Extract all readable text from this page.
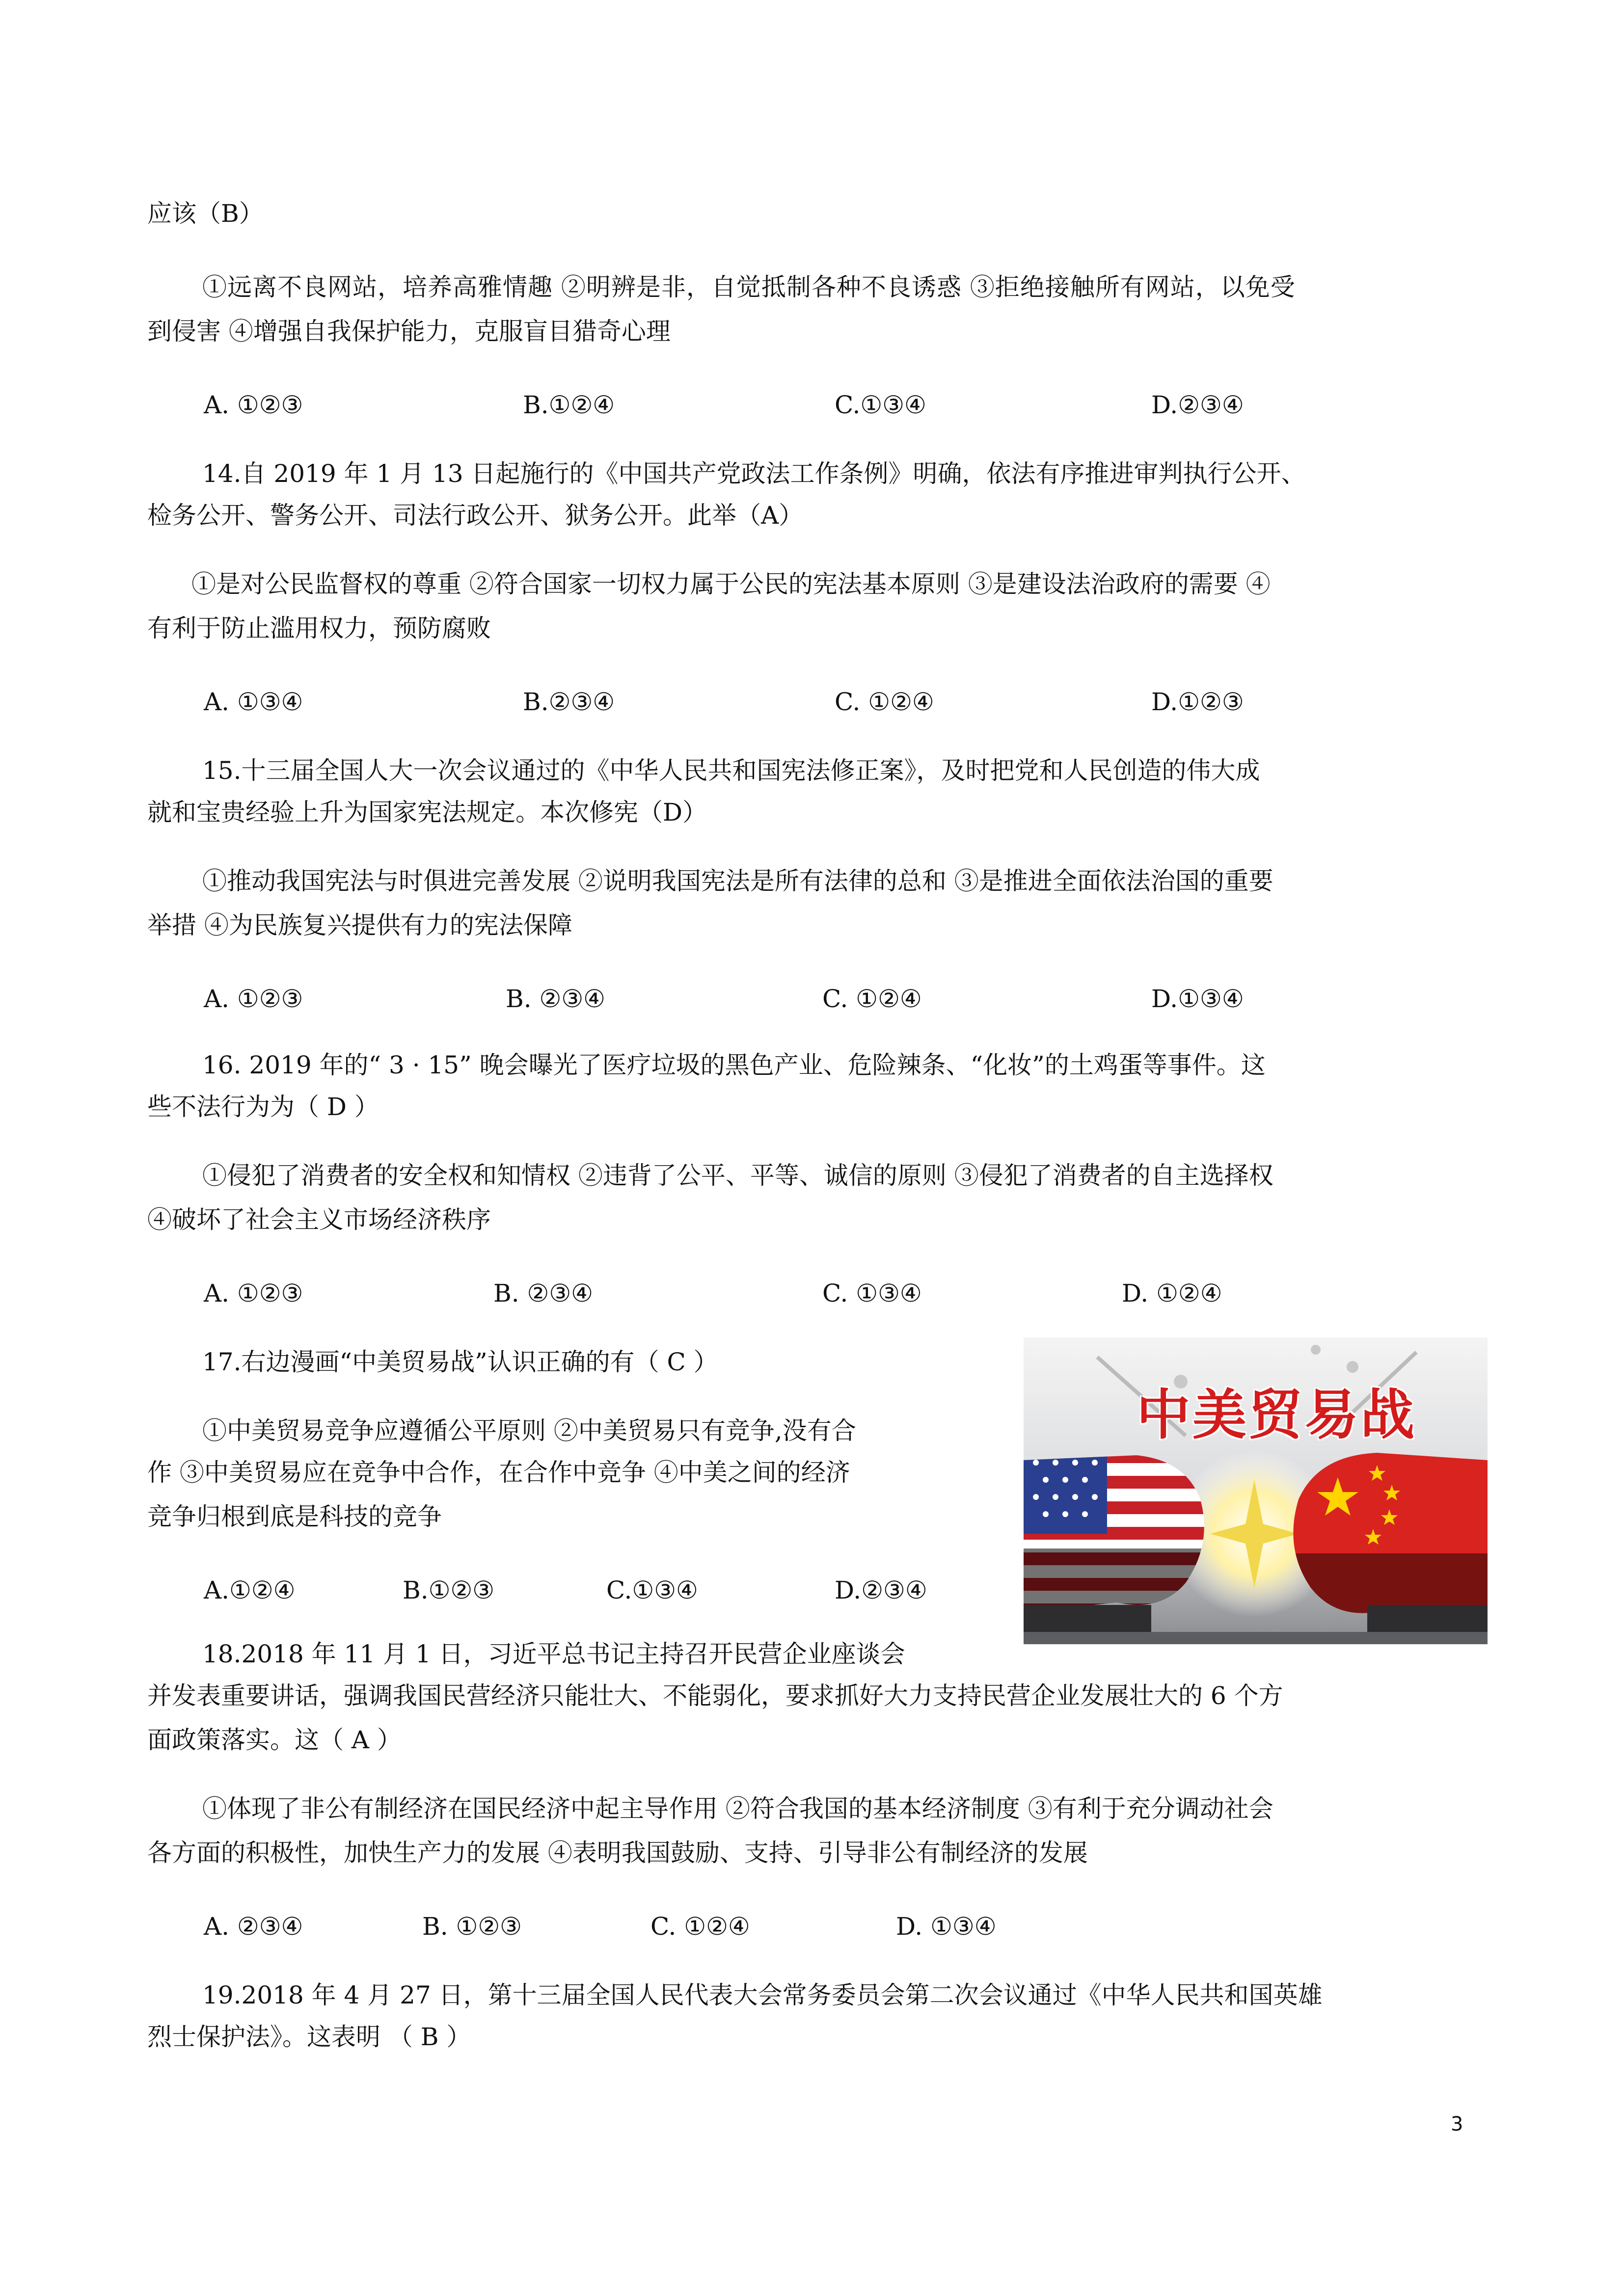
应该（B）
①远离不良网站，培养高雅情趣 ②明辨是非，自觉抵制各种不良诱惑 ③拒绝接触所有网站，以免受
到侵害 ④增强自我保护能力，克服盲目猎奇心理
A. ①②③	B.①②④	C.①③④	D.②③④
14.自 2019 年 1 月 13 日起施行的《中国共产党政法工作条例》明确，依法有序推进审判执行公开、
检务公开、警务公开、司法行政公开、狱务公开。此举（A）
①是对公民监督权的尊重 ②符合国家一切权力属于公民的宪法基本原则 ③是建设法治政府的需要 ④
有利于防止滥用权力，预防腐败
A. ①③④	B.②③④	C. ①②④	D.①②③
15.十三届全国人大一次会议通过的《中华人民共和国宪法修正案》，及时把党和人民创造的伟大成
就和宝贵经验上升为国家宪法规定。本次修宪（D）
①推动我国宪法与时俱进完善发展 ②说明我国宪法是所有法律的总和 ③是推进全面依法治国的重要
举措 ④为民族复兴提供有力的宪法保障
A. ①②③	B. ②③④	C. ①②④	D.①③④
16. 2019 年的“ 3 · 15” 晚会曝光了医疗垃圾的黑色产业、危险辣条、“化妆”的土鸡蛋等事件。这
些不法行为为（ D ）
①侵犯了消费者的安全权和知情权 ②违背了公平、平等、诚信的原则 ③侵犯了消费者的自主选择权
④破坏了社会主义市场经济秩序
A. ①②③	B. ②③④	C. ①③④	D. ①②④
17.右边漫画“中美贸易战”认识正确的有（ C ）
①中美贸易竞争应遵循公平原则 ②中美贸易只有竞争,没有合
作 ③中美贸易应在竞争中合作，在合作中竞争 ④中美之间的经济
竞争归根到底是科技的竞争
A.①②④	B.①②③	C.①③④	D.②③④
中美贸易战
18.2018 年 11 月 1 日，习近平总书记主持召开民营企业座谈会
并发表重要讲话，强调我国民营经济只能壮大、不能弱化，要求抓好大力支持民营企业发展壮大的 6 个方
面政策落实。这（ A ）
①体现了非公有制经济在国民经济中起主导作用 ②符合我国的基本经济制度 ③有利于充分调动社会
各方面的积极性，加快生产力的发展 ④表明我国鼓励、支持、引导非公有制经济的发展
A. ②③④	B. ①②③	C. ①②④	D. ①③④
19.2018 年 4 月 27 日，第十三届全国人民代表大会常务委员会第二次会议通过《中华人民共和国英雄
烈士保护法》。这表明 （ B ）
3
